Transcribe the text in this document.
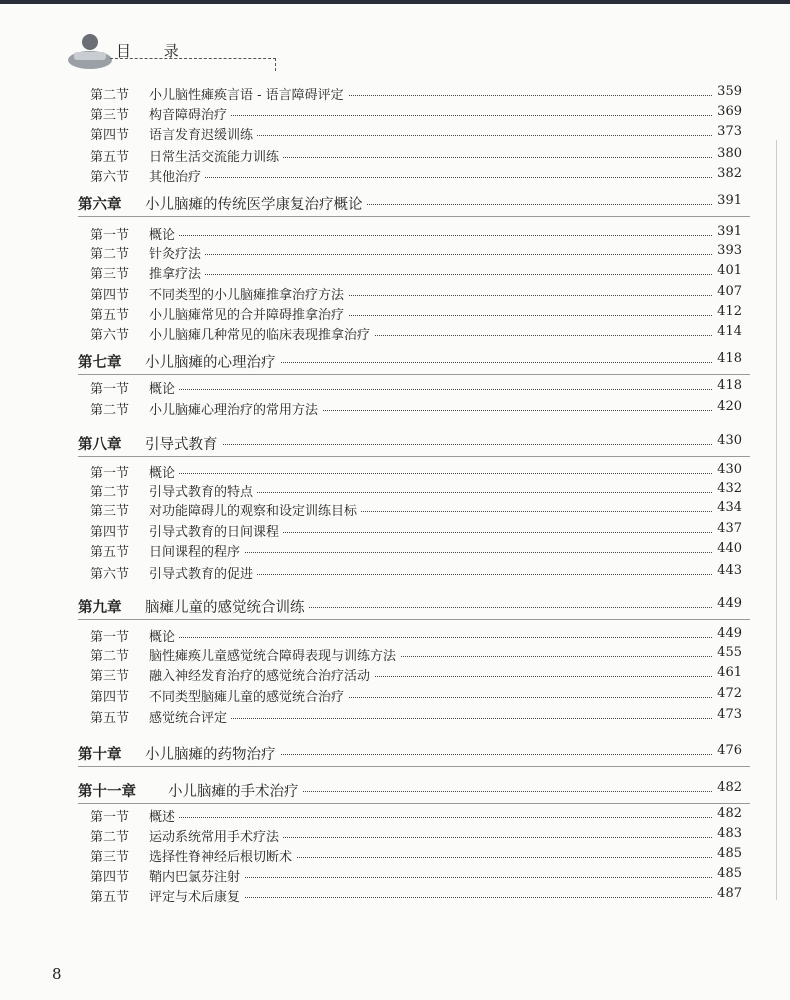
目 录
第二节 小儿脑性瘫痪言语 - 语言障碍评定	359
第三节 构音障碍治疗	369
第四节 语言发育迟缓训练	373
第五节 日常生活交流能力训练	380
第六节 其他治疗	382
第六章 小儿脑瘫的传统医学康复治疗概论	391
第一节 概论	391
第二节 针灸疗法	393
第三节 推拿疗法	401
第四节 不同类型的小儿脑瘫推拿治疗方法	407
第五节 小儿脑瘫常见的合并障碍推拿治疗	412
第六节 小儿脑瘫几种常见的临床表现推拿治疗	414
第七章 小儿脑瘫的心理治疗	418
第一节 概论	418
第二节 小儿脑瘫心理治疗的常用方法	420
第八章 引导式教育	430
第一节 概论	430
第二节 引导式教育的特点	432
第三节 对功能障碍儿的观察和设定训练目标	434
第四节 引导式教育的日间课程	437
第五节 日间课程的程序	440
第六节 引导式教育的促进	443
第九章 脑瘫儿童的感觉统合训练	449
第一节 概论	449
第二节 脑性瘫痪儿童感觉统合障碍表现与训练方法	455
第三节 融入神经发育治疗的感觉统合治疗活动	461
第四节 不同类型脑瘫儿童的感觉统合治疗	472
第五节 感觉统合评定	473
第十章 小儿脑瘫的药物治疗	476
第十一章 小儿脑瘫的手术治疗	482
第一节 概述	482
第二节 运动系统常用手术疗法	483
第三节 选择性脊神经后根切断术	485
第四节 鞘内巴氯芬注射	485
第五节 评定与术后康复	487
8
